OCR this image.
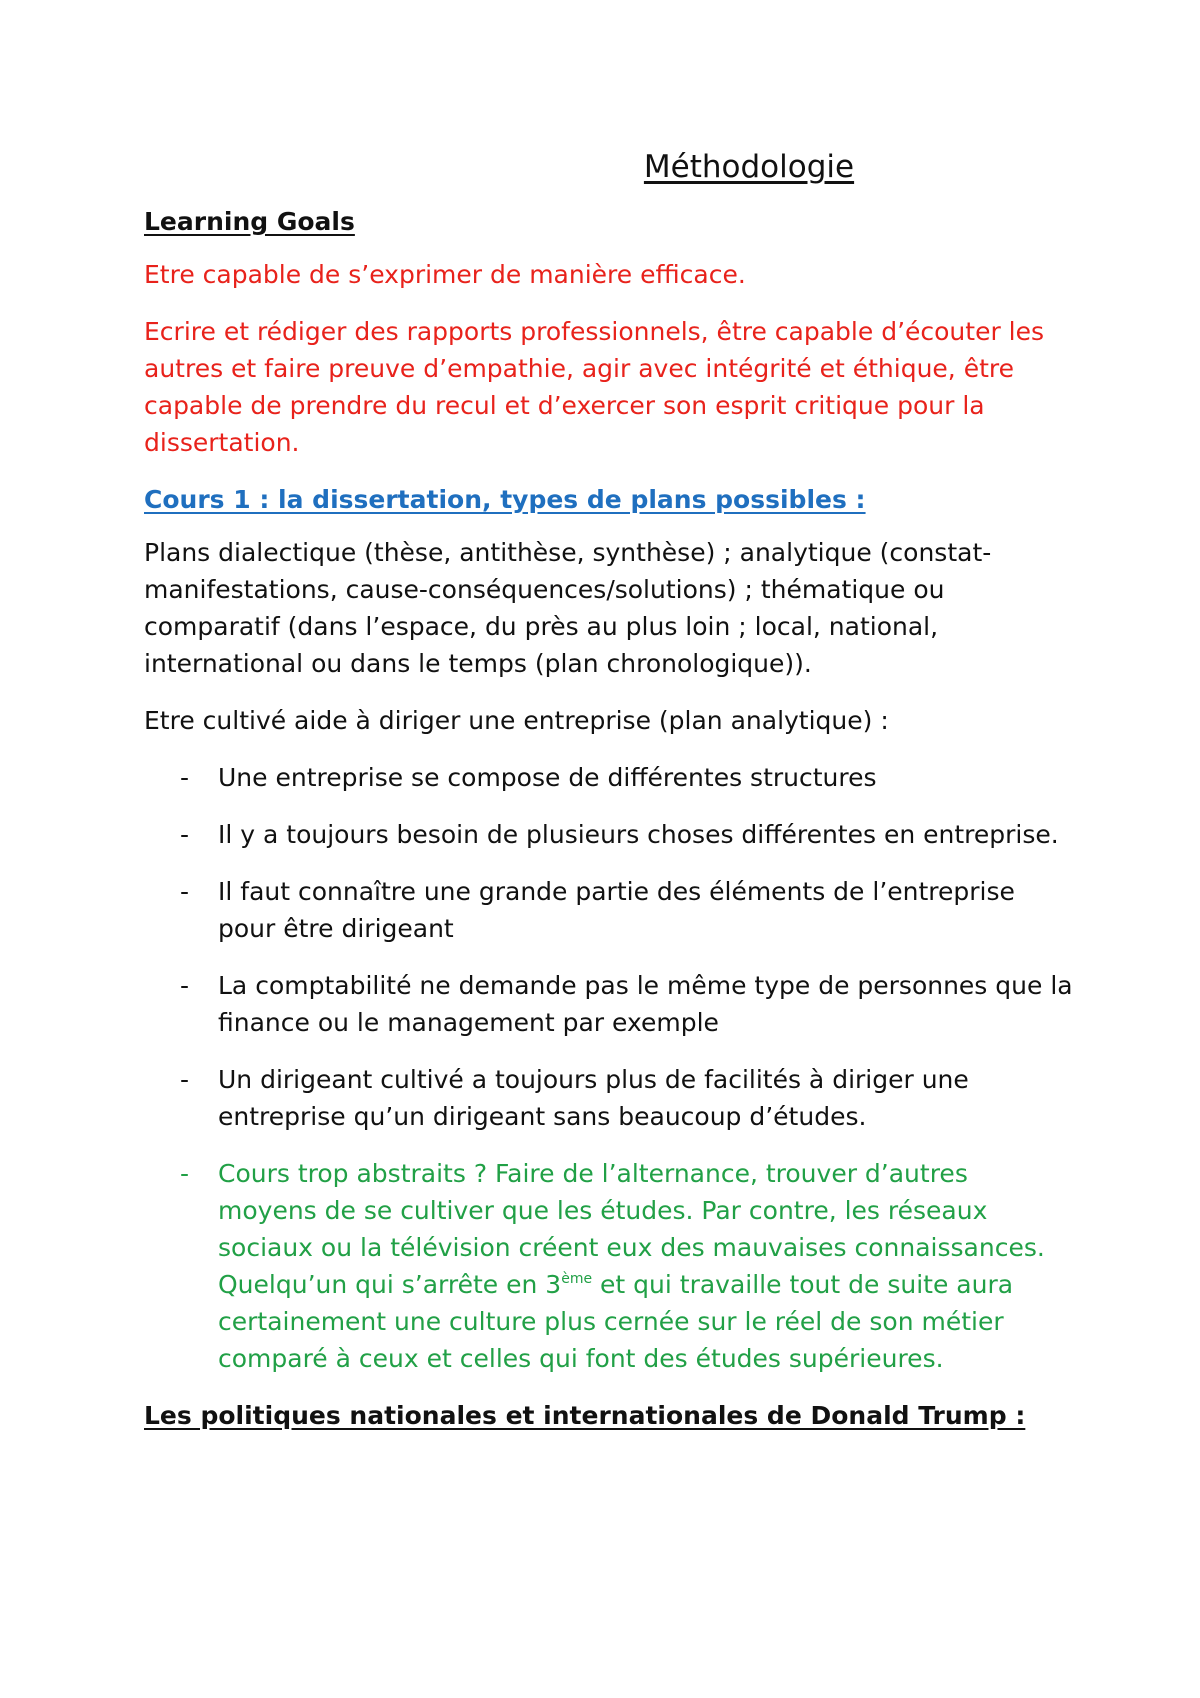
Méthodologie
Learning Goals
Etre capable de s’exprimer de manière efficace.
Ecrire et rédiger des rapports professionnels, être capable d’écouter les autres et faire preuve d’empathie, agir avec intégrité et éthique, être capable de prendre du recul et d’exercer son esprit critique pour la dissertation.
Cours 1 : la dissertation, types de plans possibles :
Plans dialectique (thèse, antithèse, synthèse) ; analytique (constat-manifestations, cause-conséquences/solutions) ; thématique ou comparatif (dans l’espace, du près au plus loin ; local, national, international ou dans le temps (plan chronologique)).
Etre cultivé aide à diriger une entreprise (plan analytique) :
- Une entreprise se compose de différentes structures
- Il y a toujours besoin de plusieurs choses différentes en entreprise.
- Il faut connaître une grande partie des éléments de l’entreprise pour être dirigeant
- La comptabilité ne demande pas le même type de personnes que la finance ou le management par exemple
- Un dirigeant cultivé a toujours plus de facilités à diriger une entreprise qu’un dirigeant sans beaucoup d’études.
- Cours trop abstraits ? Faire de l’alternance, trouver d’autres moyens de se cultiver que les études. Par contre, les réseaux sociaux ou la télévision créent eux des mauvaises connaissances. Quelqu’un qui s’arrête en 3ème et qui travaille tout de suite aura certainement une culture plus cernée sur le réel de son métier comparé à ceux et celles qui font des études supérieures.
Les politiques nationales et internationales de Donald Trump :
